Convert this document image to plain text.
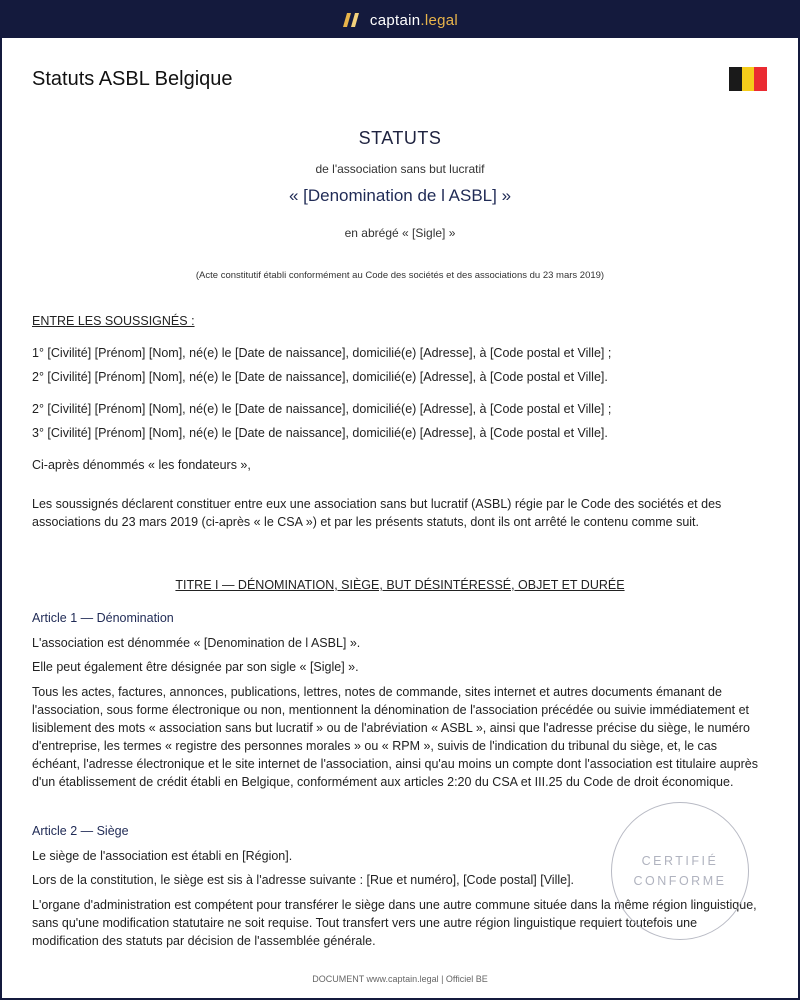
captain.legal
Statuts ASBL Belgique
STATUTS
de l'association sans but lucratif
« [Denomination de l ASBL] »
en abrégé « [Sigle] »
(Acte constitutif établi conformément au Code des sociétés et des associations du 23 mars 2019)
ENTRE LES SOUSSIGNÉS :
1° [Civilité] [Prénom] [Nom], né(e) le [Date de naissance], domicilié(e) [Adresse], à [Code postal et Ville] ;
2° [Civilité] [Prénom] [Nom], né(e) le [Date de naissance], domicilié(e) [Adresse], à [Code postal et Ville].
2° [Civilité] [Prénom] [Nom], né(e) le [Date de naissance], domicilié(e) [Adresse], à [Code postal et Ville] ;
3° [Civilité] [Prénom] [Nom], né(e) le [Date de naissance], domicilié(e) [Adresse], à [Code postal et Ville].
Ci-après dénommés « les fondateurs »,
Les soussignés déclarent constituer entre eux une association sans but lucratif (ASBL) régie par le Code des sociétés et des associations du 23 mars 2019 (ci-après « le CSA ») et par les présents statuts, dont ils ont arrêté le contenu comme suit.
TITRE I — DÉNOMINATION, SIÈGE, BUT DÉSINTÉRESSÉ, OBJET ET DURÉE
Article 1 — Dénomination
L'association est dénommée « [Denomination de l ASBL] ».
Elle peut également être désignée par son sigle « [Sigle] ».
Tous les actes, factures, annonces, publications, lettres, notes de commande, sites internet et autres documents émanant de l'association, sous forme électronique ou non, mentionnent la dénomination de l'association précédée ou suivie immédiatement et lisiblement des mots « association sans but lucratif » ou de l'abréviation « ASBL », ainsi que l'adresse précise du siège, le numéro d'entreprise, les termes « registre des personnes morales » ou « RPM », suivis de l'indication du tribunal du siège, et, le cas échéant, l'adresse électronique et le site internet de l'association, ainsi qu'au moins un compte dont l'association est titulaire auprès d'un établissement de crédit établi en Belgique, conformément aux articles 2:20 du CSA et III.25 du Code de droit économique.
Article 2 — Siège
Le siège de l'association est établi en [Région].
Lors de la constitution, le siège est sis à l'adresse suivante : [Rue et numéro], [Code postal] [Ville].
L'organe d'administration est compétent pour transférer le siège dans une autre commune située dans la même région linguistique, sans qu'une modification statutaire ne soit requise. Tout transfert vers une autre région linguistique requiert toutefois une modification des statuts par décision de l'assemblée générale.
CERTIFIÉ
CONFORME
DOCUMENT www.captain.legal | Officiel BE
